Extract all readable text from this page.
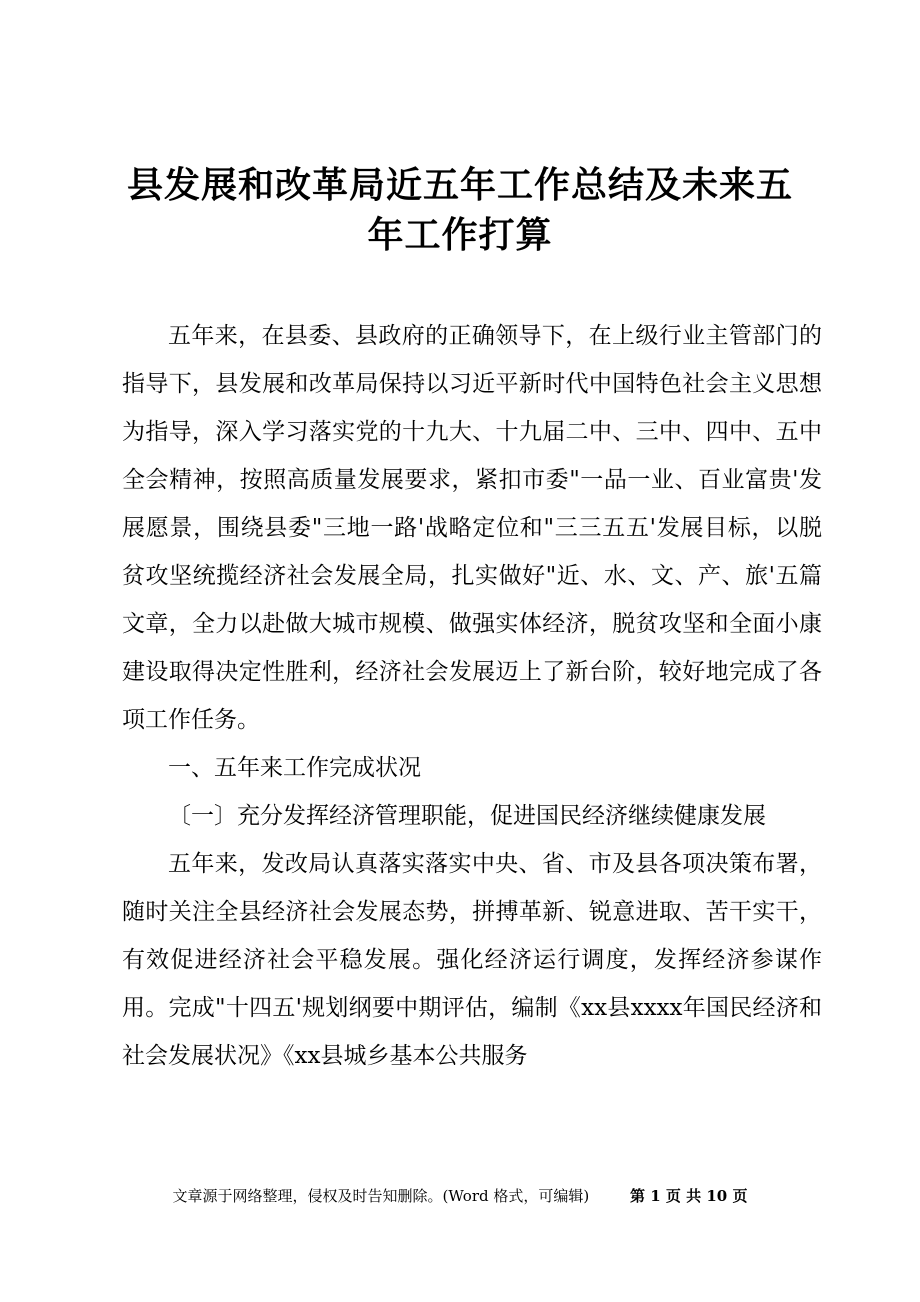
县发展和改革局近五年工作总结及未来五年工作打算

五年来，在县委、县政府的正确领导下，在上级行业主管部门的指导下，县发展和改革局保持以习近平新时代中国特色社会主义思想为指导，深入学习落实党的十九大、十九届二中、三中、四中、五中全会精神，按照高质量发展要求，紧扣市委"一品一业、百业富贵'发展愿景，围绕县委"三地一路'战略定位和"三三五五'发展目标，以脱贫攻坚统揽经济社会发展全局，扎实做好"近、水、文、产、旅'五篇文章，全力以赴做大城市规模、做强实体经济，脱贫攻坚和全面小康建设取得决定性胜利，经济社会发展迈上了新台阶，较好地完成了各项工作任务。

一、五年来工作完成状况

〔一〕充分发挥经济管理职能，促进国民经济继续健康发展

五年来，发改局认真落实落实中央、省、市及县各项决策布署，随时关注全县经济社会发展态势，拼搏革新、锐意进取、苦干实干，有效促进经济社会平稳发展。强化经济运行调度，发挥经济参谋作用。完成"十四五'规划纲要中期评估，编制《xx县xxxx年国民经济和社会发展状况》《xx县城乡基本公共服务

文章源于网络整理，侵权及时告知删除。(Word 格式，可编辑)	第 1 页 共 10 页
